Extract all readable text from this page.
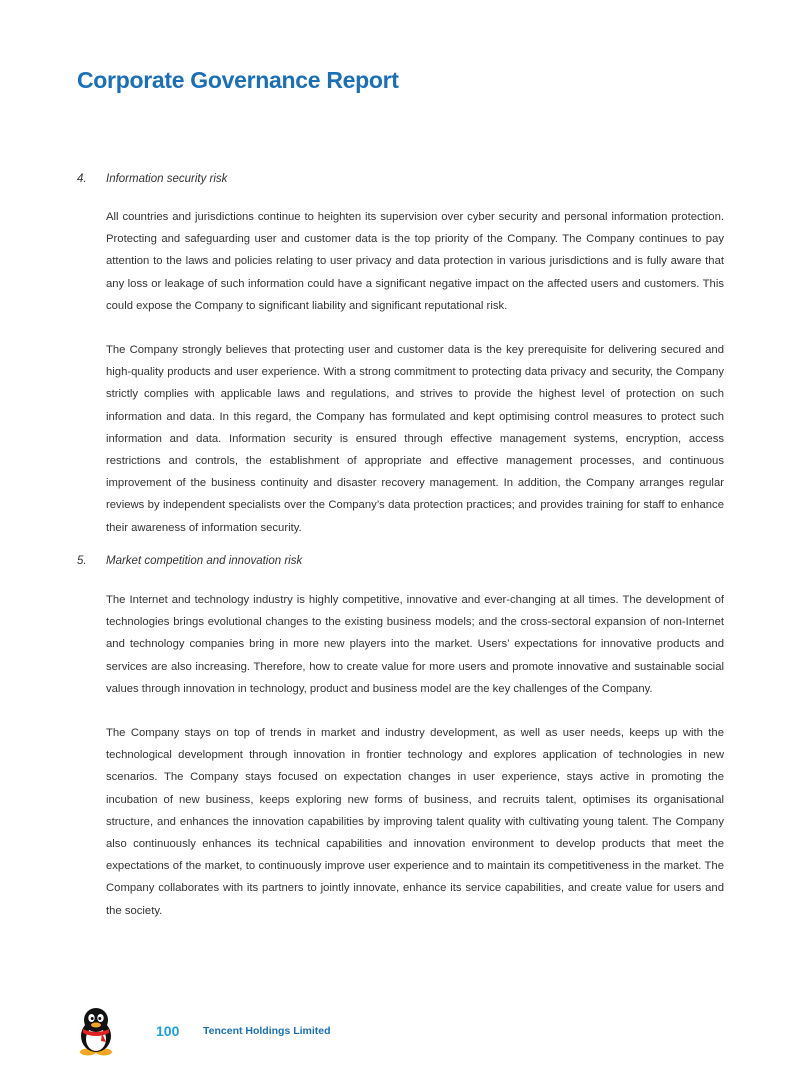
Corporate Governance Report
4. Information security risk

All countries and jurisdictions continue to heighten its supervision over cyber security and personal information protection. Protecting and safeguarding user and customer data is the top priority of the Company. The Company continues to pay attention to the laws and policies relating to user privacy and data protection in various jurisdictions and is fully aware that any loss or leakage of such information could have a significant negative impact on the affected users and customers. This could expose the Company to significant liability and significant reputational risk.

The Company strongly believes that protecting user and customer data is the key prerequisite for delivering secured and high-quality products and user experience. With a strong commitment to protecting data privacy and security, the Company strictly complies with applicable laws and regulations, and strives to provide the highest level of protection on such information and data. In this regard, the Company has formulated and kept optimising control measures to protect such information and data. Information security is ensured through effective management systems, encryption, access restrictions and controls, the establishment of appropriate and effective management processes, and continuous improvement of the business continuity and disaster recovery management. In addition, the Company arranges regular reviews by independent specialists over the Company’s data protection practices; and provides training for staff to enhance their awareness of information security.

5. Market competition and innovation risk

The Internet and technology industry is highly competitive, innovative and ever-changing at all times. The development of technologies brings evolutional changes to the existing business models; and the cross-sectoral expansion of non-Internet and technology companies bring in more new players into the market. Users’ expectations for innovative products and services are also increasing. Therefore, how to create value for more users and promote innovative and sustainable social values through innovation in technology, product and business model are the key challenges of the Company.

The Company stays on top of trends in market and industry development, as well as user needs, keeps up with the technological development through innovation in frontier technology and explores application of technologies in new scenarios. The Company stays focused on expectation changes in user experience, stays active in promoting the incubation of new business, keeps exploring new forms of business, and recruits talent, optimises its organisational structure, and enhances the innovation capabilities by improving talent quality with cultivating young talent. The Company also continuously enhances its technical capabilities and innovation environment to develop products that meet the expectations of the market, to continuously improve user experience and to maintain its competitiveness in the market. The Company collaborates with its partners to jointly innovate, enhance its service capabilities, and create value for users and the society.

100 Tencent Holdings Limited
